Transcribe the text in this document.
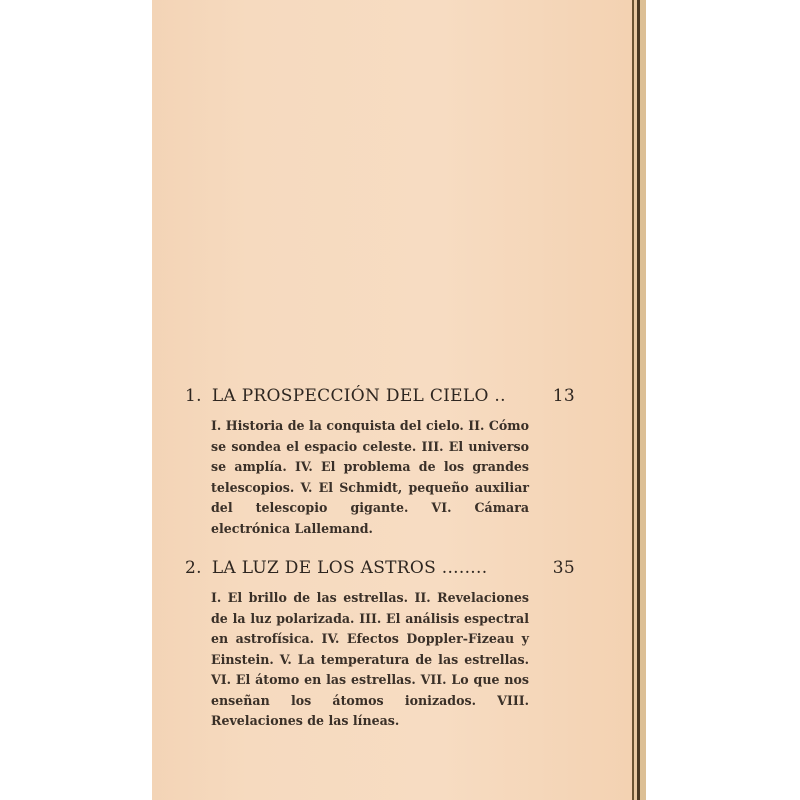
1. LA PROSPECCIÓN DEL CIELO ..	13
I. Historia de la conquista del cielo. II. Cómo se sondea el espacio celeste. III. El universo se amplía. IV. El problema de los grandes telescopios. V. El Schmidt, pequeño auxiliar del telescopio gigante. VI. Cámara electrónica Lallemand.
2. LA LUZ DE LOS ASTROS ........	35
I. El brillo de las estrellas. II. Revelaciones de la luz polarizada. III. El análisis espectral en astrofísica. IV. Efectos Doppler-Fizeau y Einstein. V. La temperatura de las estrellas. VI. El átomo en las estrellas. VII. Lo que nos enseñan los átomos ionizados. VIII. Revelaciones de las líneas.
